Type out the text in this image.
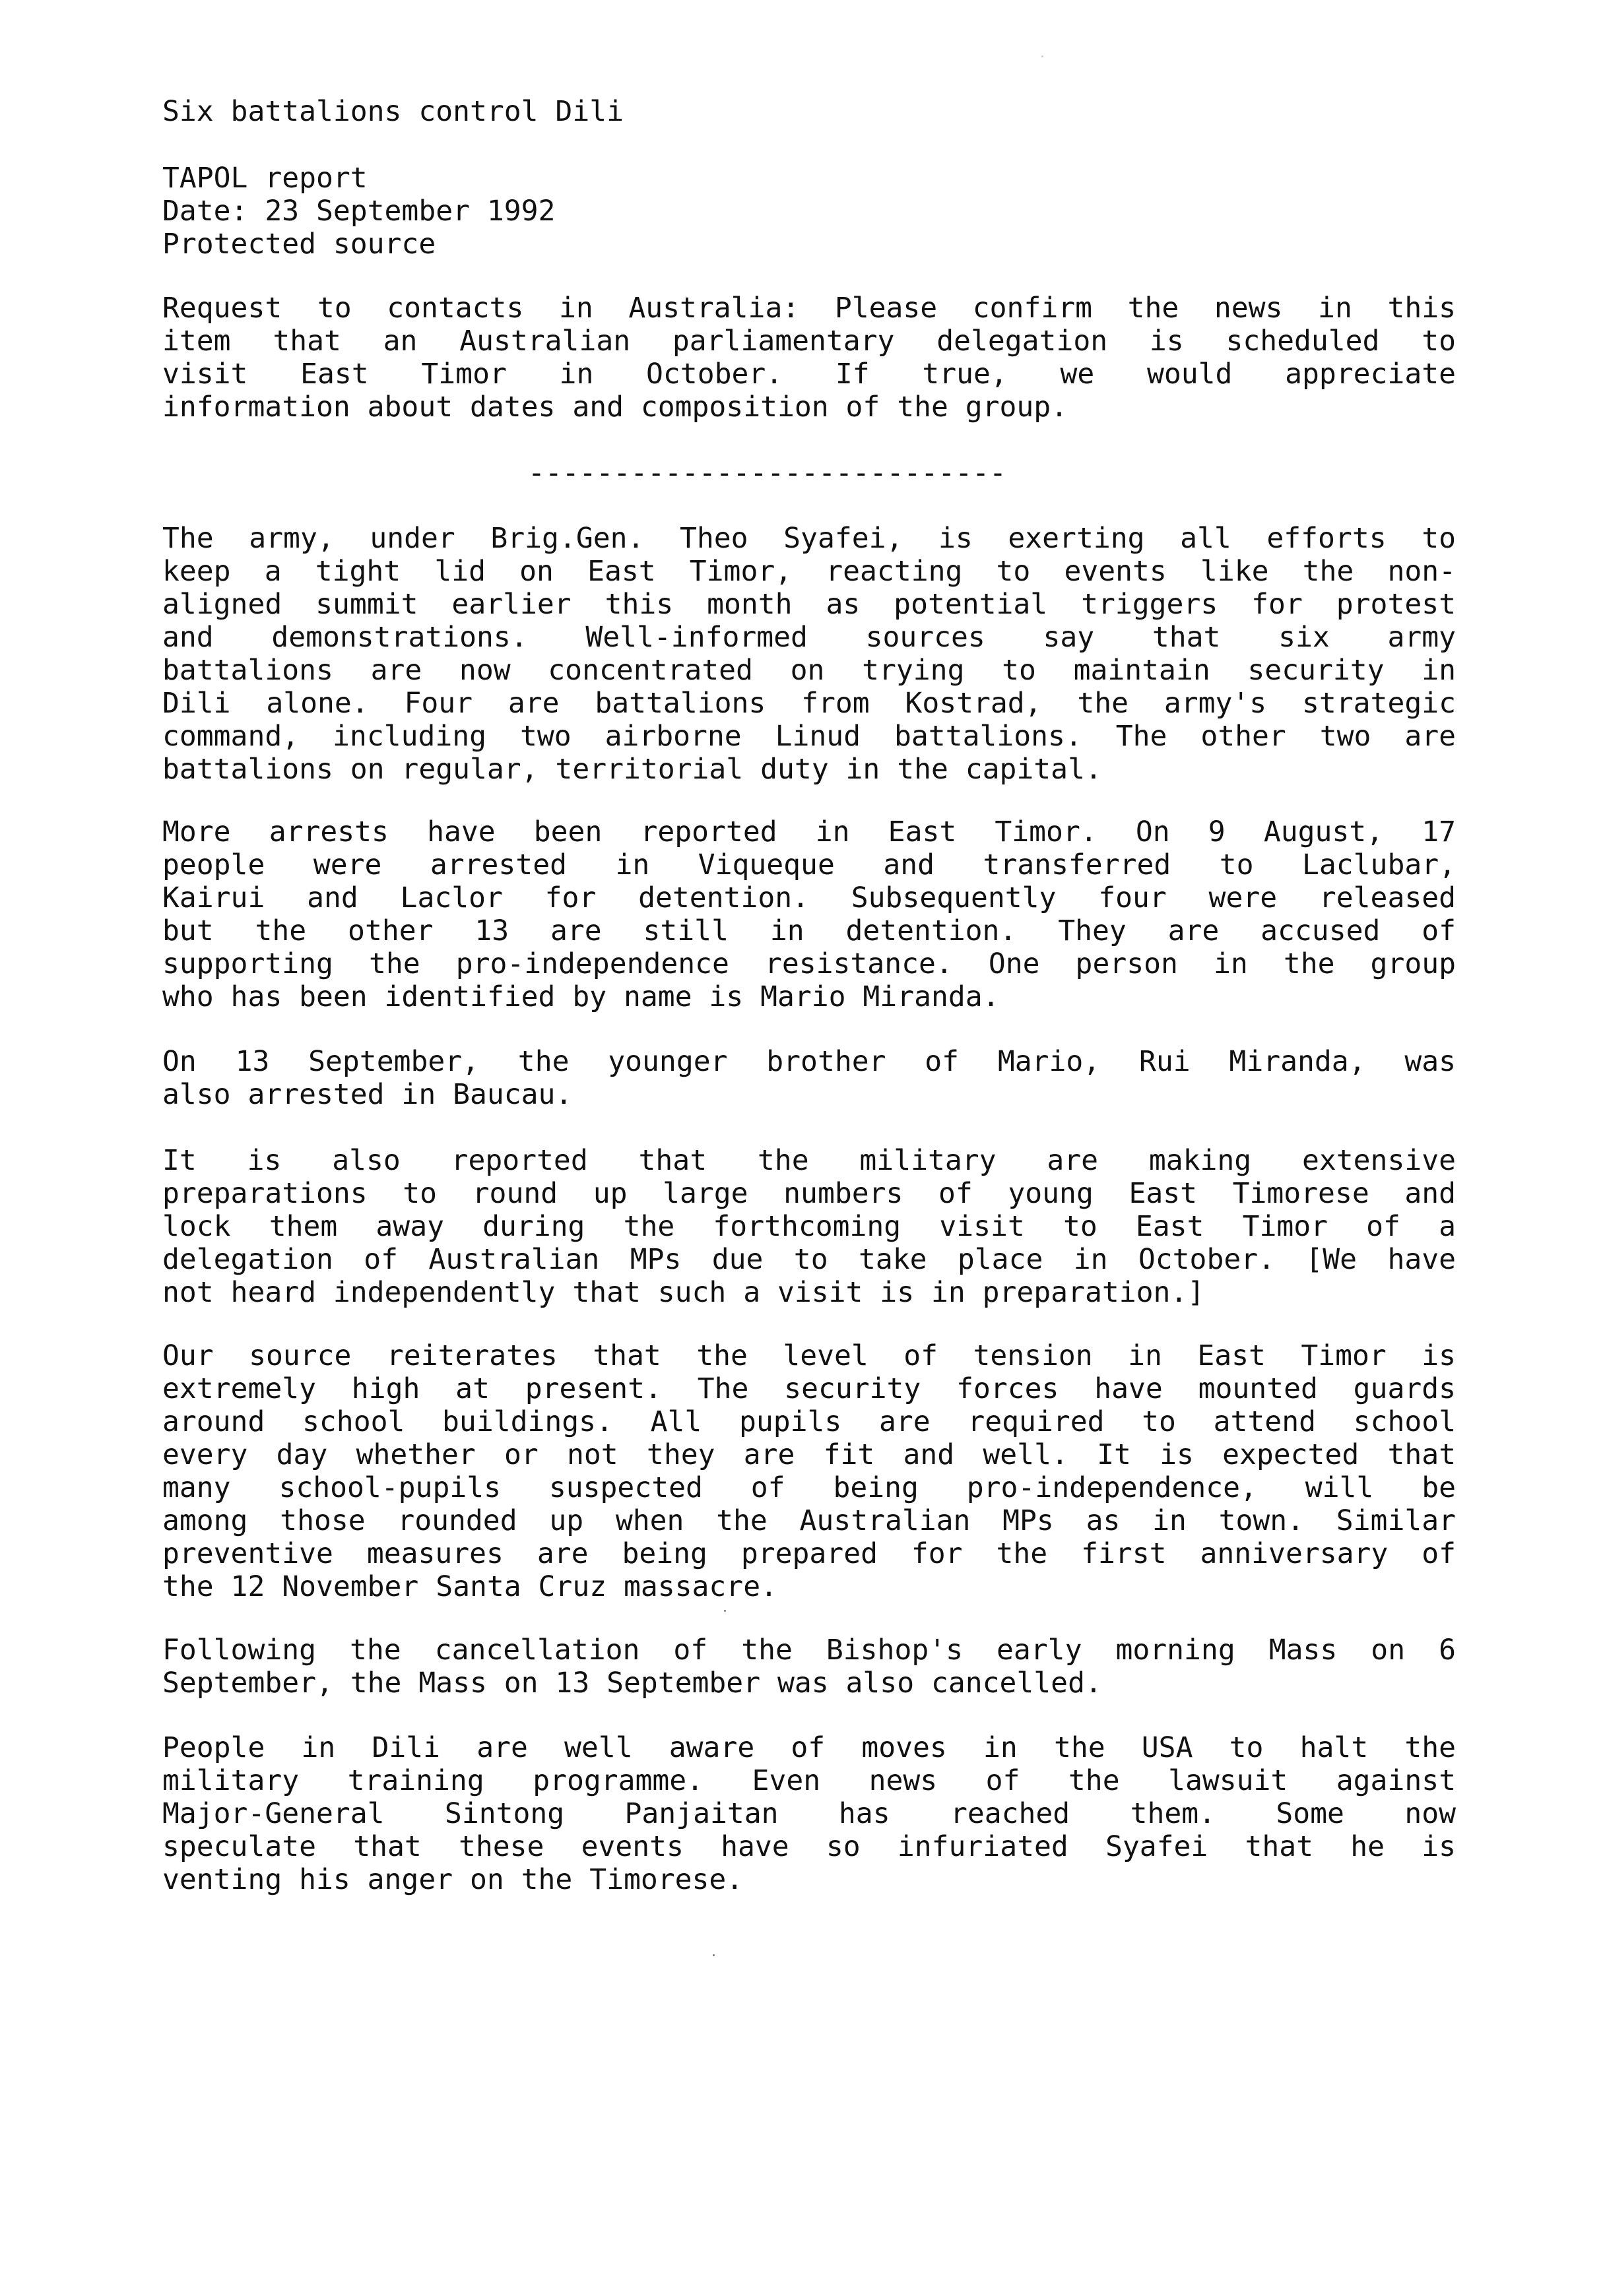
Six battalions control Dili
TAPOL report
Date: 23 September 1992
Protected source
Request to contacts in Australia: Please confirm the news in this
item that an Australian parliamentary delegation is scheduled to
visit East Timor in October. If true, we would appreciate
information about dates and composition of the group.
----------------------------
The army, under Brig.Gen. Theo Syafei, is exerting all efforts to
keep a tight lid on East Timor, reacting to events like the non-
aligned summit earlier this month as potential triggers for protest
and demonstrations. Well-informed sources say that six army
battalions are now concentrated on trying to maintain security in
Dili alone. Four are battalions from Kostrad, the army's strategic
command, including two airborne Linud battalions. The other two are
battalions on regular, territorial duty in the capital.
More arrests have been reported in East Timor. On 9 August, 17
people were arrested in Viqueque and transferred to Laclubar,
Kairui and Laclor for detention. Subsequently four were released
but the other 13 are still in detention. They are accused of
supporting the pro-independence resistance. One person in the group
who has been identified by name is Mario Miranda.
On 13 September, the younger brother of Mario, Rui Miranda, was
also arrested in Baucau.
It is also reported that the military are making extensive
preparations to round up large numbers of young East Timorese and
lock them away during the forthcoming visit to East Timor of a
delegation of Australian MPs due to take place in October. [We have
not heard independently that such a visit is in preparation.]
Our source reiterates that the level of tension in East Timor is
extremely high at present. The security forces have mounted guards
around school buildings. All pupils are required to attend school
every day whether or not they are fit and well. It is expected that
many school-pupils suspected of being pro-independence, will be
among those rounded up when the Australian MPs as in town. Similar
preventive measures are being prepared for the first anniversary of
the 12 November Santa Cruz massacre.
Following the cancellation of the Bishop's early morning Mass on 6
September, the Mass on 13 September was also cancelled.
People in Dili are well aware of moves in the USA to halt the
military training programme. Even news of the lawsuit against
Major-General Sintong Panjaitan has reached them. Some now
speculate that these events have so infuriated Syafei that he is
venting his anger on the Timorese.
